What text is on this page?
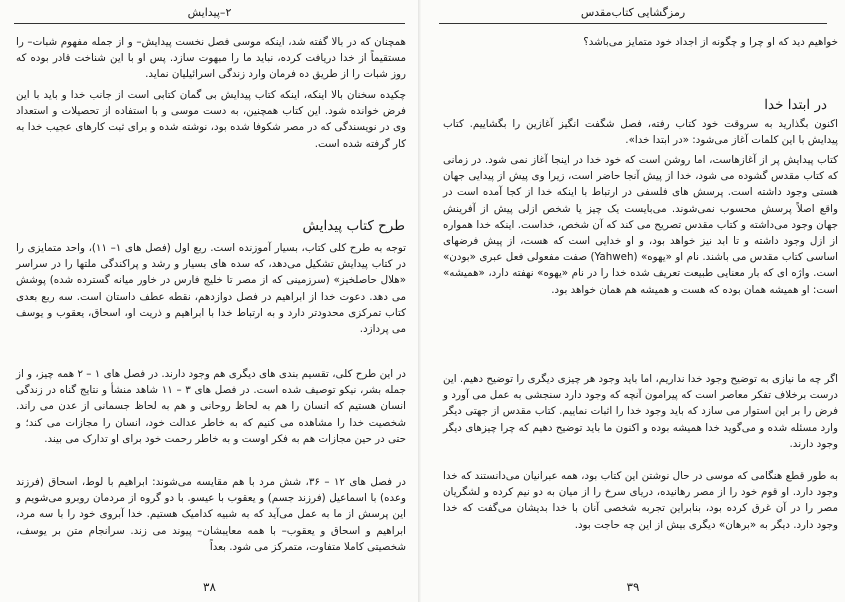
۲–پیدایش

همچنان که در بالا گفته شد، اینکه موسی فصل نخست پیدایش– و از جمله مفهوم شبات– را مستقیماً از خدا دریافت کرده، نباید ما را مبهوت سازد. پس او با این شناخت قادر بوده که روز شبات را از طریق ده فرمان وارد زندگی اسرائیلیان نماید.

چکیده سخنان بالا اینکه، اینکه کتاب پیدایش بی گمان کتابی است از جانب خدا و باید با این فرض خوانده شود. این کتاب همچنین، به دست موسی و با استفاده از تحصیلات و استعداد وی در نویسندگی که در مصر شکوفا شده بود، نوشته شده و برای ثبت کارهای عجیب خدا به کار گرفته شده است.

طرح کتاب پیدایش

توجه به طرح کلی کتاب، بسیار آموزنده است. ربع اول (فصل های ۱– ۱۱)، واحد متمایزی را در کتاب پیدایش تشکیل می‌دهد، که سده های بسیار و رشد و پراکندگی ملتها را در سراسر «هلال حاصلخیز» (سرزمینی که از مصر تا خلیج فارس در خاور میانه گسترده شده) پوشش می دهد. دعوت خدا از ابراهیم در فصل دوازدهم، نقطه عطف داستان است. سه ربع بعدی کتاب تمرکزی محدودتر دارد و به ارتباط خدا با ابراهیم و ذریت او، اسحاق، یعقوب و یوسف می پردازد.

در این طرح کلی، تقسیم بندی های دیگری هم وجود دارند. در فصل های ۱ – ۲ همه چیز، و از جمله بشر، نیکو توصیف شده است. در فصل های ۳ – ۱۱ شاهد منشأ و نتایج گناه در زندگی انسان هستیم که انسان را هم به لحاظ روحانی و هم به لحاظ جسمانی از عدن می راند. شخصیت خدا را مشاهده می کنیم که به خاطر عدالت خود، انسان را مجازات می کند؛ و حتی در حین مجازات هم به فکر اوست و به خاطر رحمت خود برای او تدارک می بیند.

در فصل های ۱۲ – ۳۶، شش مرد با هم مقایسه می‌شوند: ابراهیم با لوط، اسحاق (فرزند وعده) با اسماعیل (فرزند جسم) و یعقوب با عیسو. با دو گروه از مردمان روبرو می‌شویم و این پرسش از ما به عمل می‌آید که به شبیه کدامیک هستیم. خدا آبروی خود را با سه مرد، ابراهیم و اسحاق و یعقوب– با همه معایبشان– پیوند می زند. سرانجام متن بر یوسف، شخصیتی کاملا متفاوت، متمرکز می شود. بعداً

۳۸
رمزگشایی کتاب‌مقدس

خواهیم دید که او چرا و چگونه از اجداد خود متمایز می‌باشد؟

در ابتدا خدا

اکنون بگذارید به سروقت خود کتاب رفته، فصل شگفت انگیز آغازین را بگشاییم. کتاب پیدایش با این کلمات آغاز می‌شود: «در ابتدا خدا».

کتاب پیدایش پر از آغازهاست، اما روشن است که خود خدا در اینجا آغاز نمی شود. در زمانی که کتاب مقدس گشوده می شود، خدا از پیش آنجا حاضر است، زیرا وی پیش از پیدایی جهان هستی وجود داشته است. پرسش های فلسفی در ارتباط با اینکه خدا از کجا آمده است در واقع اصلاً پرسش محسوب نمی‌شوند. می‌بایست یک چیز یا شخص ازلی پیش از آفرینش جهان وجود می‌داشته و کتاب مقدس تصریح می کند که آن شخص، خداست. اینکه خدا همواره از ازل وجود داشته و تا ابد نیز خواهد بود، و او خدایی است که هست، از پیش فرضهای اساسی کتاب مقدس می باشند. نام او «یهوه» (Yahweh) صفت مفعولی فعل عبری «بودن» است. واژه ای که بار معنایی طبیعت تعریف شده خدا را در نام «یهوه» نهفته دارد، «همیشه» است: او همیشه همان بوده که هست و همیشه هم همان خواهد بود.

اگر چه ما نیازی به توضیح وجود خدا نداریم، اما باید وجود هر چیزی دیگری را توضیح دهیم. این درست برخلاف تفکر معاصر است که پیرامون آنچه که وجود دارد سنجشی به عمل می آورد و فرض را بر این استوار می سازد که باید وجود خدا را اثبات نماییم. کتاب مقدس از جهتی دیگر وارد مسئله شده و می‌گوید خدا همیشه بوده و اکنون ما باید توضیح دهیم که چرا چیزهای دیگر وجود دارند.

به طور قطع هنگامی که موسی در حال نوشتن این کتاب بود، همه عبرانیان می‌دانستند که خدا وجود دارد. او قوم خود را از مصر رهانیده، دریای سرخ را از میان به دو نیم کرده و لشگریان مصر را در آن غرق کرده بود، بنابراین تجربه شخصی آنان با خدا بدیشان می‌گفت که خدا وجود دارد. دیگر به «برهان» دیگری بیش از این چه حاجت بود.

۳۹
